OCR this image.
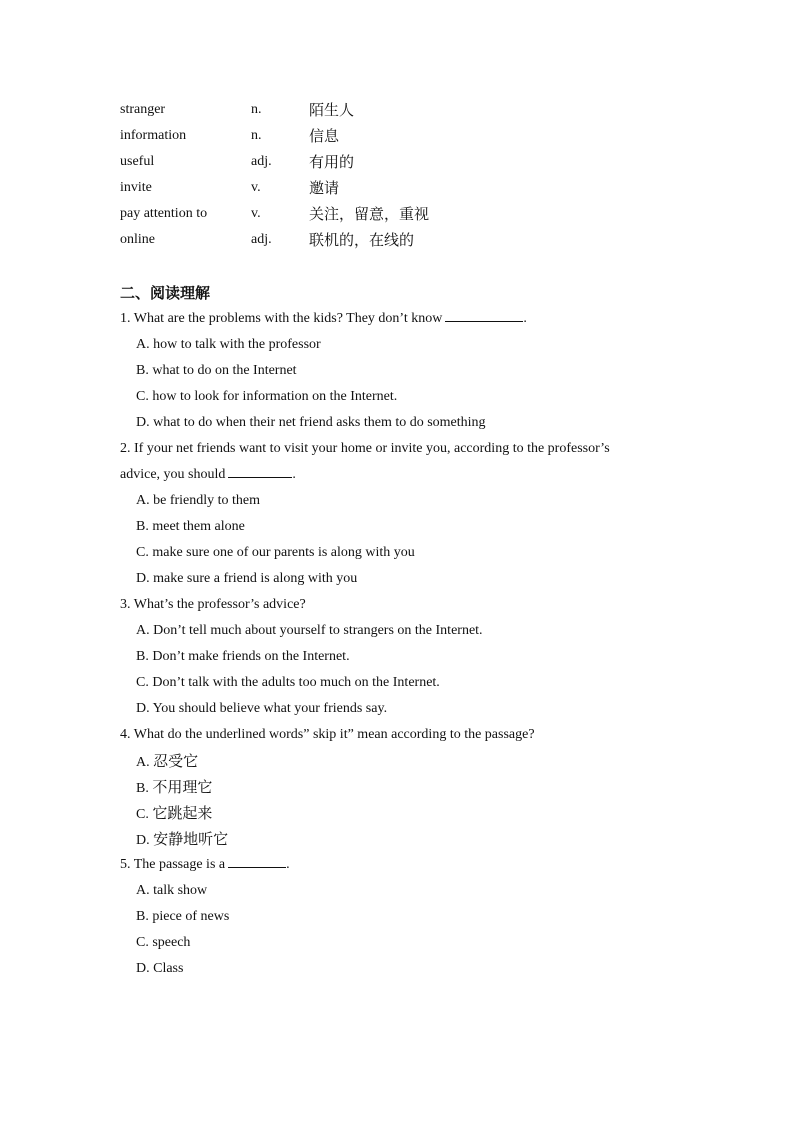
stranger	n.	陌生人
information	n.	信息
useful	adj. 有用的
invite	v.	邀请
pay attention to	v.	关注，留意，重视
online	adj. 联机的，在线的
二、阅读理解
1. What are the problems with the kids? They don’t know	.
A. how to talk with the professor
B. what to do on the Internet
C. how to look for information on the Internet.
D. what to do when their net friend asks them to do something
2. If your net friends want to visit your home or invite you, according to the professor’s
advice, you should	.
A. be friendly to them
B. meet them alone
C. make sure one of our parents is along with you
D. make sure a friend is along with you
3. What’s the professor’s advice?
A. Don’t tell much about yourself to strangers on the Internet.
B. Don’t make friends on the Internet.
C. Don’t talk with the adults too much on the Internet.
D. You should believe what your friends say.
4. What do the underlined words” skip it” mean according to the passage?
A. 忍受它
B. 不用理它
C. 它跳起来
D. 安静地听它
5. The passage is a	.
A. talk show
B. piece of news
C. speech
D. Class
